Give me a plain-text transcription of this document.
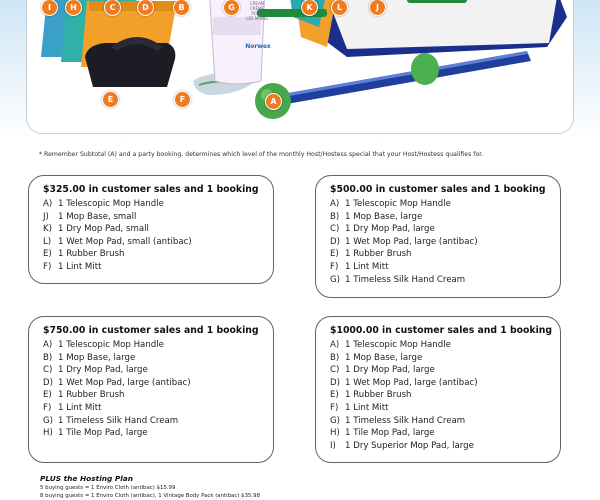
CREAM
CRÈME
POUR
LES MAINS
Norwex
I	H	C	D	B	G	K	L	J
E	F	A
* Remember Subtotal (A) and a party booking, determines which level of the monthly Host/Hostess special that your Host/Hostess qualifies for.
$325.00 in customer sales and 1 booking
A) 1 Telescopic Mop Handle
J) 1 Mop Base, small
K) 1 Dry Mop Pad, small
L) 1 Wet Mop Pad, small (antibac)
E) 1 Rubber Brush
F) 1 Lint Mitt
$500.00 in customer sales and 1 booking
A) 1 Telescopic Mop Handle
B) 1 Mop Base, large
C) 1 Dry Mop Pad, large
D) 1 Wet Mop Pad, large (antibac)
E) 1 Rubber Brush
F) 1 Lint Mitt
G) 1 Timeless Silk Hand Cream
$750.00 in customer sales and 1 booking
A) 1 Telescopic Mop Handle
B) 1 Mop Base, large
C) 1 Dry Mop Pad, large
D) 1 Wet Mop Pad, large (antibac)
E) 1 Rubber Brush
F) 1 Lint Mitt
G) 1 Timeless Silk Hand Cream
H) 1 Tile Mop Pad, large
$1000.00 in customer sales and 1 booking
A) 1 Telescopic Mop Handle
B) 1 Mop Base, large
C) 1 Dry Mop Pad, large
D) 1 Wet Mop Pad, large (antibac)
E) 1 Rubber Brush
F) 1 Lint Mitt
G) 1 Timeless Silk Hand Cream
H) 1 Tile Mop Pad, large
I) 1 Dry Superior Mop Pad, large
PLUS the Hosting Plan
5 buying guests = 1 Enviro Cloth (antibac) $15.99
8 buying guests = 1 Enviro Cloth (antibac), 1 Vintage Body Pack (antibac) $35.98
